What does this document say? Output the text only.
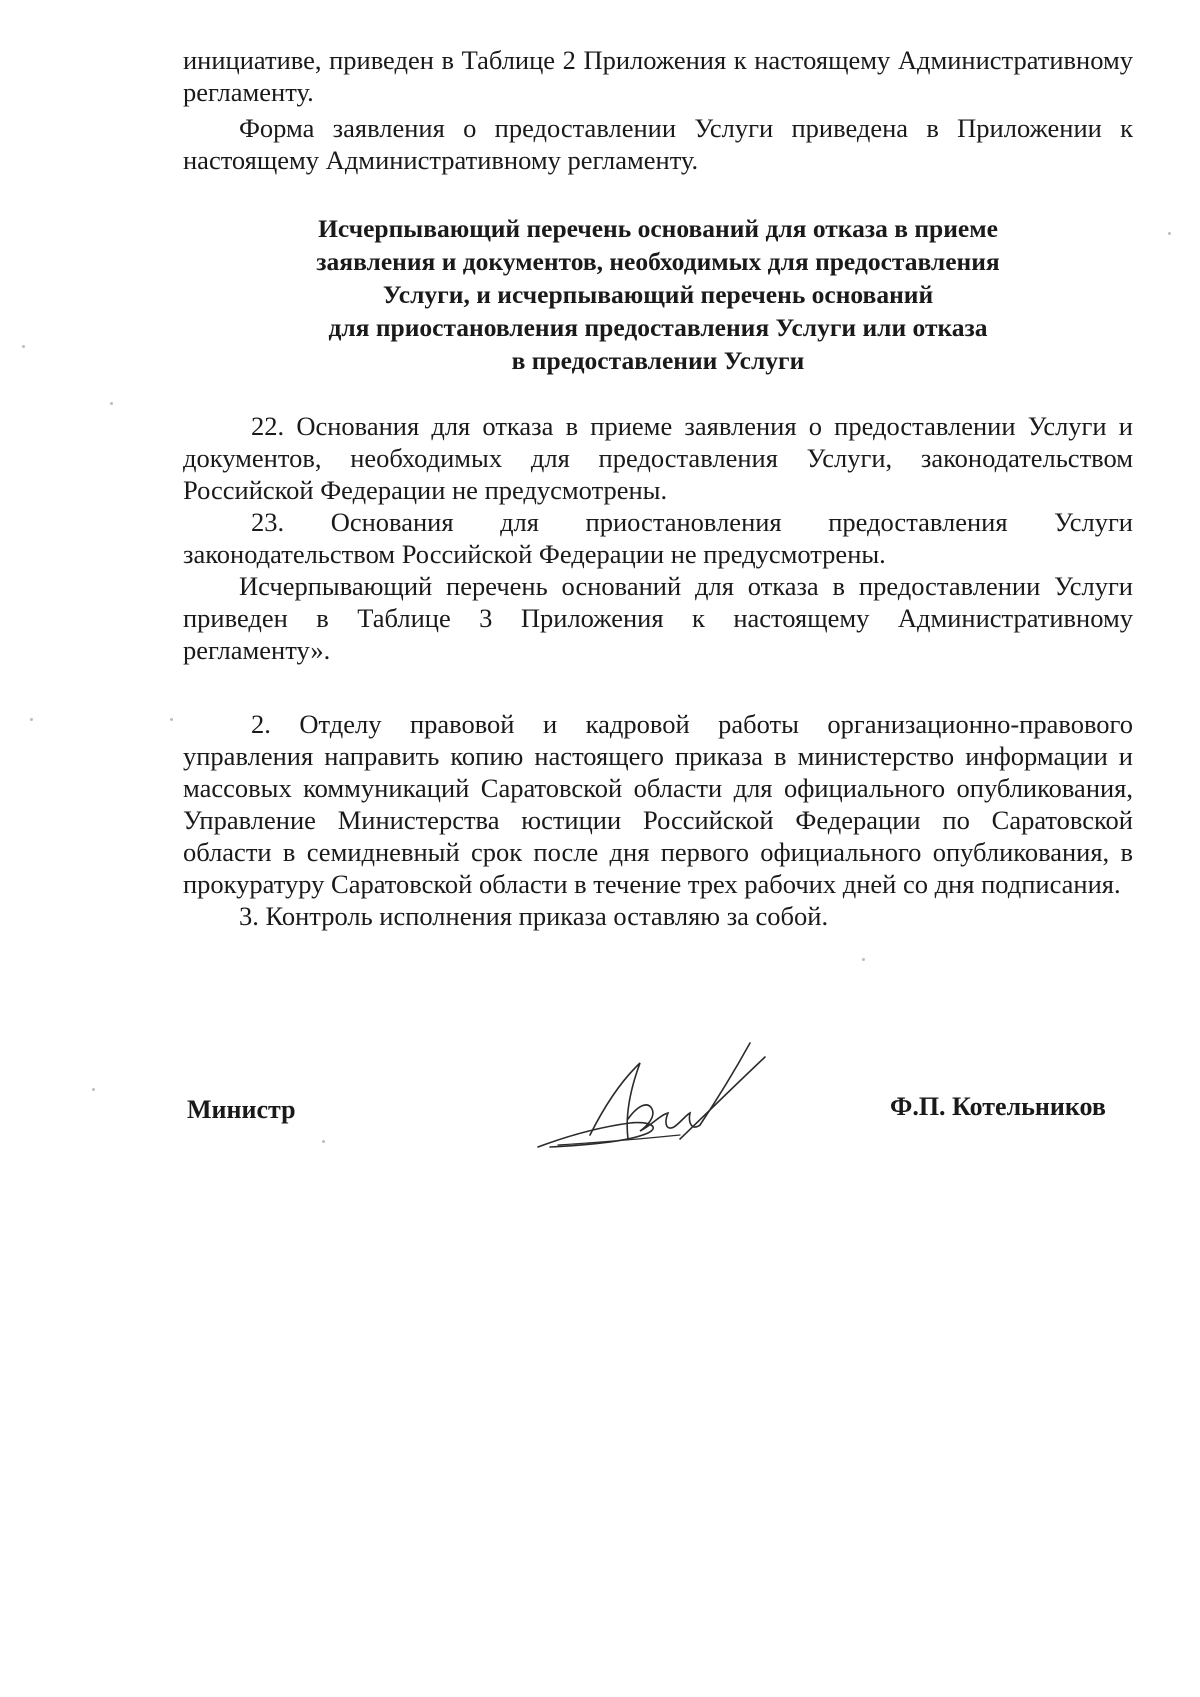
инициативе, приведен в Таблице 2 Приложения к настоящему Административному регламенту.

Форма заявления о предоставлении Услуги приведена в Приложении к настоящему Административному регламенту.

Исчерпывающий перечень оснований для отказа в приеме
заявления и документов, необходимых для предоставления
Услуги, и исчерпывающий перечень оснований
для приостановления предоставления Услуги или отказа
в предоставлении Услуги

22. Основания для отказа в приеме заявления о предоставлении Услуги и документов, необходимых для предоставления Услуги, законодательством Российской Федерации не предусмотрены.

23. Основания для приостановления предоставления Услуги законодательством Российской Федерации не предусмотрены.

Исчерпывающий перечень оснований для отказа в предоставлении Услуги приведен в Таблице 3 Приложения к настоящему Административному регламенту».

2. Отделу правовой и кадровой работы организационно-правового управления направить копию настоящего приказа в министерство информации и массовых коммуникаций Саратовской области для официального опубликования, Управление Министерства юстиции Российской Федерации по Саратовской области в семидневный срок после дня первого официального опубликования, в прокуратуру Саратовской области в течение трех рабочих дней со дня подписания.

3. Контроль исполнения приказа оставляю за собой.

Министр	Ф.П. Котельников
